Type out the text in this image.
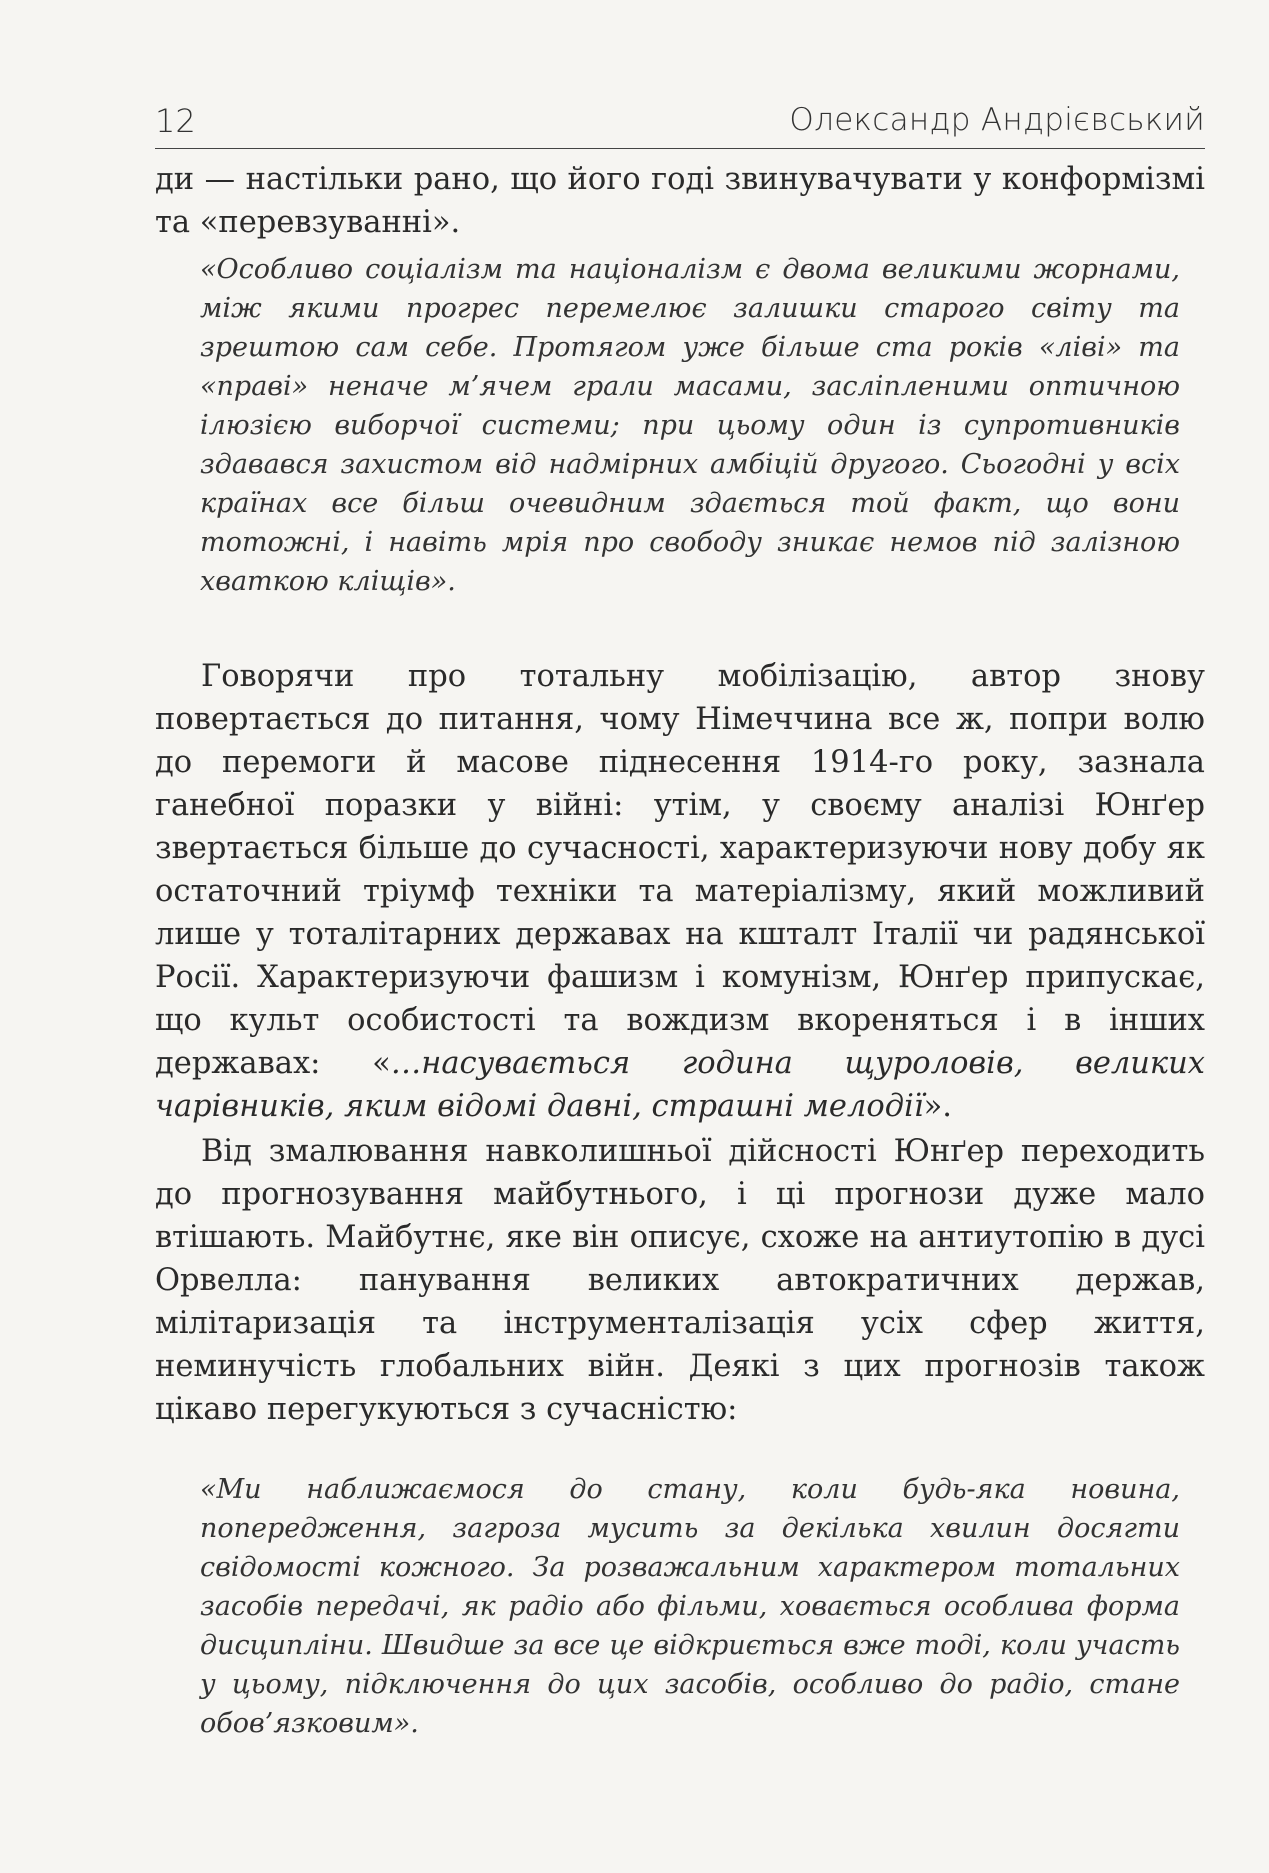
12	Олександр Андрієвський

ди — настільки рано, що його годі звинувачувати у конформізмі та «перевзуванні».

«Особливо соціалізм та націоналізм є двома великими жорнами, між якими прогрес перемелює залишки старого світу та зрештою сам себе. Протягом уже більше ста років «ліві» та «праві» неначе м’ячем грали масами, засліпленими оптичною ілюзією виборчої системи; при цьому один із супротивників здавався захистом від надмірних амбіцій другого. Сьогодні у всіх країнах все більш очевидним здається той факт, що вони тотожні, і навіть мрія про свободу зникає немов під залізною хваткою кліщів».

Говорячи про тотальну мобілізацію, автор знову повертається до питання, чому Німеччина все ж, попри волю до перемоги й масове піднесення 1914-го року, зазнала ганебної поразки у війні: утім, у своєму аналізі Юнґер звертається більше до сучасності, характеризуючи нову добу як остаточний тріумф техніки та матеріалізму, який можливий лише у тоталітарних державах на кшталт Італії чи радянської Росії. Характеризуючи фашизм і комунізм, Юнґер припускає, що культ особистості та вождизм вкореняться і в інших державах: «…насувається година щуроловів, великих чарівників, яким відомі давні, страшні мелодії».

Від змалювання навколишньої дійсності Юнґер переходить до прогнозування майбутнього, і ці прогнози дуже мало втішають. Майбутнє, яке він описує, схоже на антиутопію в дусі Орвелла: панування великих автократичних держав, мілітаризація та інструменталізація усіх сфер життя, неминучість глобальних війн. Деякі з цих прогнозів також цікаво перегукуються з сучасністю:

«Ми наближаємося до стану, коли будь-яка новина, попередження, загроза мусить за декілька хвилин досягти свідомості кожного. За розважальним характером тотальних засобів передачі, як радіо або фільми, ховається особлива форма дисципліни. Швидше за все це відкриється вже тоді, коли участь у цьому, підключення до цих засобів, особливо до радіо, стане обов’язковим».
